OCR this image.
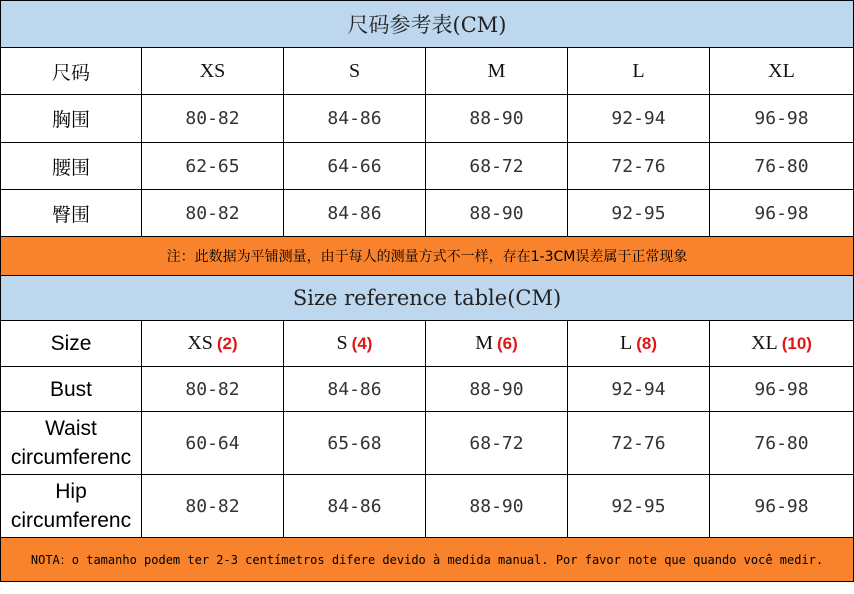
尺码参考表(CM)					
尺码	XS	S	M	L	XL
胸围	80-82	84-86	88-90	92-94	96-98
腰围	62-65	64-66	68-72	72-76	76-80
臀围	80-82	84-86	88-90	92-95	96-98
注：此数据为平铺测量，由于每人的测量方式不一样，存在1-3CM误差属于正常现象					
Size reference table(CM)					
Size	XS (2)	S (4)	M (6)	L (8)	XL (10)
Bust	80-82	84-86	88-90	92-94	96-98
Waist circumferenc	60-64	65-68	68-72	72-76	76-80
Hip circumferenc	80-82	84-86	88-90	92-95	96-98
NOTA：o tamanho podem ter 2-3 centímetros difere devido à medida manual. Por favor note que quando você medir.					
